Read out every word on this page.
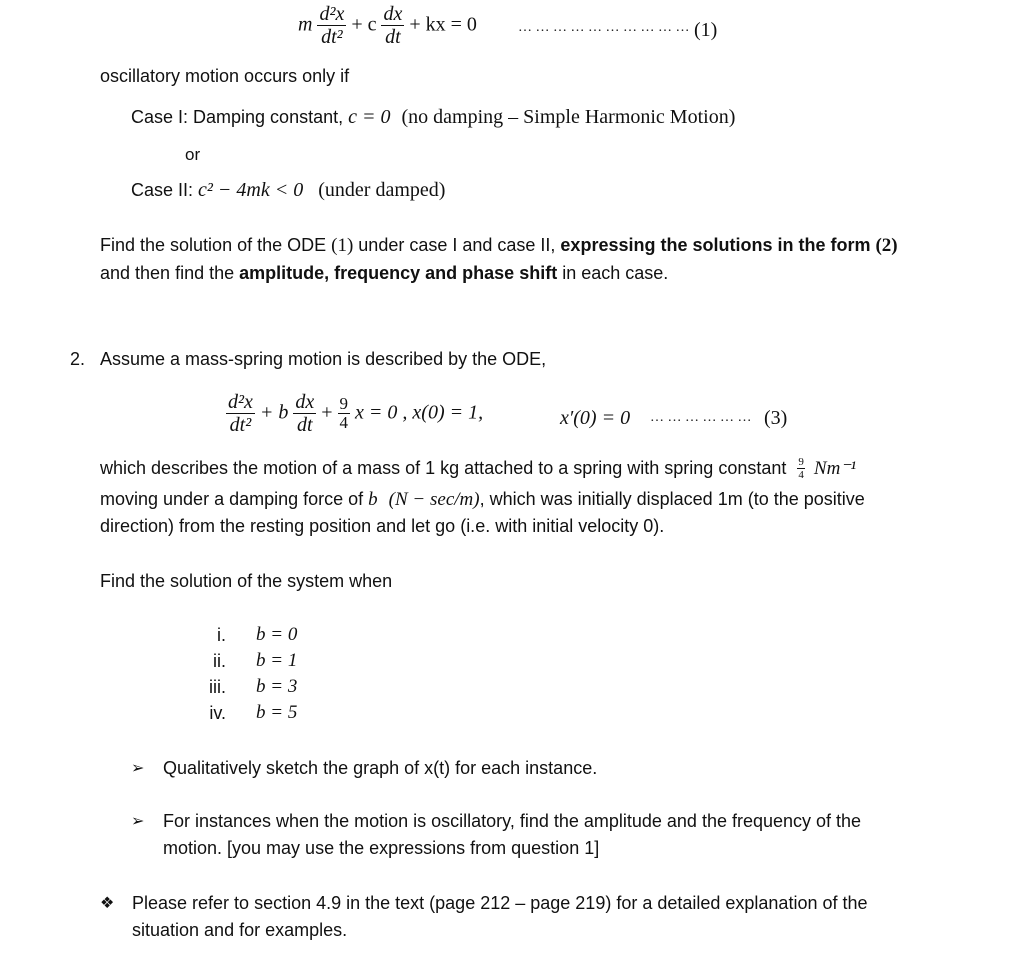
m $\frac{\text{d²x}}{\text{dt²}} + c \frac{dx}{dt}$ + kx = 0	… … … … … … … … … … (1)
oscillatory motion occurs only if
Case I: Damping constant, c = 0 (no damping – Simple Harmonic Motion)
or
Case II: c² − 4mk < 0 (under damped)
Find the solution of the ODE (1) under case I and case II, expressing the solutions in the form (2)
and then find the amplitude, frequency and phase shift in each case.
2. Assume a mass-spring motion is described by the ODE,
$\frac{\text{d²x}}{\text{dt²}} + b \frac{dx}{dt} + \frac{9}{4}$ x = 0 , x(0) = 1,	x′(0) = 0 … … … … … … (3)
which describes the motion of a mass of 1 kg attached to a spring with spring constant $\frac{9}{4} Nm^{-1}$
moving under a damping force of b (N − sec/m), which was initially displaced 1m (to the positive
direction) from the resting position and let go (i.e. with initial velocity 0).
Find the solution of the system when
i. b = 0
ii. b = 1
iii. b = 3
iv. b = 5
➢ Qualitatively sketch the graph of x(t) for each instance.
➢ For instances when the motion is oscillatory, find the amplitude and the frequency of the
motion. [you may use the expressions from question 1]
❖ Please refer to section 4.9 in the text (page 212 – page 219) for a detailed explanation of the
situation and for examples.
